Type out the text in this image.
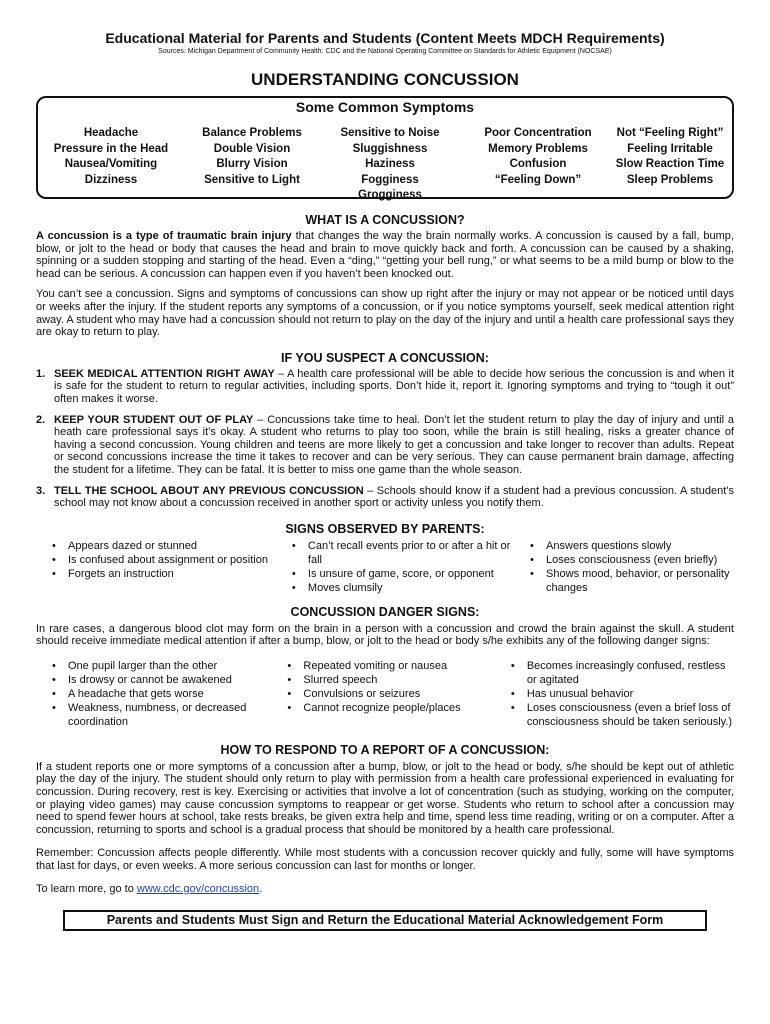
Educational Material for Parents and Students (Content Meets MDCH Requirements)
Sources: Michigan Department of Community Health. CDC and the National Operating Committee on Standards for Athletic Equipment (NOCSAE)
UNDERSTANDING CONCUSSION
Some Common Symptoms
Headache
Pressure in the Head
Nausea/Vomiting
Dizziness
Balance Problems
Double Vision
Blurry Vision
Sensitive to Light
Sensitive to Noise
Sluggishness
Haziness
Fogginess
Grogginess
Poor Concentration
Memory Problems
Confusion
“Feeling Down”
Not “Feeling Right”
Feeling Irritable
Slow Reaction Time
Sleep Problems
WHAT IS A CONCUSSION?

A concussion is a type of traumatic brain injury that changes the way the brain normally works. A concussion is caused by a fall, bump, blow, or jolt to the head or body that causes the head and brain to move quickly back and forth. A concussion can be caused by a shaking, spinning or a sudden stopping and starting of the head. Even a “ding,” “getting your bell rung,” or what seems to be a mild bump or blow to the head can be serious. A concussion can happen even if you haven’t been knocked out.

You can’t see a concussion. Signs and symptoms of concussions can show up right after the injury or may not appear or be noticed until days or weeks after the injury. If the student reports any symptoms of a concussion, or if you notice symptoms yourself, seek medical attention right away. A student who may have had a concussion should not return to play on the day of the injury and until a health care professional says they are okay to return to play.

IF YOU SUSPECT A CONCUSSION:
1. SEEK MEDICAL ATTENTION RIGHT AWAY – A health care professional will be able to decide how serious the concussion is and when it is safe for the student to return to regular activities, including sports. Don’t hide it, report it. Ignoring symptoms and trying to “tough it out” often makes it worse.
2. KEEP YOUR STUDENT OUT OF PLAY – Concussions take time to heal. Don’t let the student return to play the day of injury and until a heath care professional says it’s okay. A student who returns to play too soon, while the brain is still healing, risks a greater chance of having a second concussion. Young children and teens are more likely to get a concussion and take longer to recover than adults. Repeat or second concussions increase the time it takes to recover and can be very serious. They can cause permanent brain damage, affecting the student for a lifetime. They can be fatal. It is better to miss one game than the whole season.
3. TELL THE SCHOOL ABOUT ANY PREVIOUS CONCUSSION – Schools should know if a student had a previous concussion. A student’s school may not know about a concussion received in another sport or activity unless you notify them.
SIGNS OBSERVED BY PARENTS:
• Appears dazed or stunned
• Is confused about assignment or position
• Forgets an instruction
• Can’t recall events prior to or after a hit or fall
• Is unsure of game, score, or opponent
• Moves clumsily
• Answers questions slowly
• Loses consciousness (even briefly)
• Shows mood, behavior, or personality changes
CONCUSSION DANGER SIGNS:

In rare cases, a dangerous blood clot may form on the brain in a person with a concussion and crowd the brain against the skull. A student should receive immediate medical attention if after a bump, blow, or jolt to the head or body s/he exhibits any of the following danger signs:

• One pupil larger than the other
• Is drowsy or cannot be awakened
• A headache that gets worse
• Weakness, numbness, or decreased coordination
• Repeated vomiting or nausea
• Slurred speech
• Convulsions or seizures
• Cannot recognize people/places
• Becomes increasingly confused, restless or agitated
• Has unusual behavior
• Loses consciousness (even a brief loss of consciousness should be taken seriously.)
HOW TO RESPOND TO A REPORT OF A CONCUSSION:

If a student reports one or more symptoms of a concussion after a bump, blow, or jolt to the head or body, s/he should be kept out of athletic play the day of the injury. The student should only return to play with permission from a health care professional experienced in evaluating for concussion. During recovery, rest is key. Exercising or activities that involve a lot of concentration (such as studying, working on the computer, or playing video games) may cause concussion symptoms to reappear or get worse. Students who return to school after a concussion may need to spend fewer hours at school, take rests breaks, be given extra help and time, spend less time reading, writing or on a computer. After a concussion, returning to sports and school is a gradual process that should be monitored by a health care professional.

Remember: Concussion affects people differently. While most students with a concussion recover quickly and fully, some will have symptoms that last for days, or even weeks. A more serious concussion can last for months or longer.

To learn more, go to www.cdc.gov/concussion.

Parents and Students Must Sign and Return the Educational Material Acknowledgement Form
